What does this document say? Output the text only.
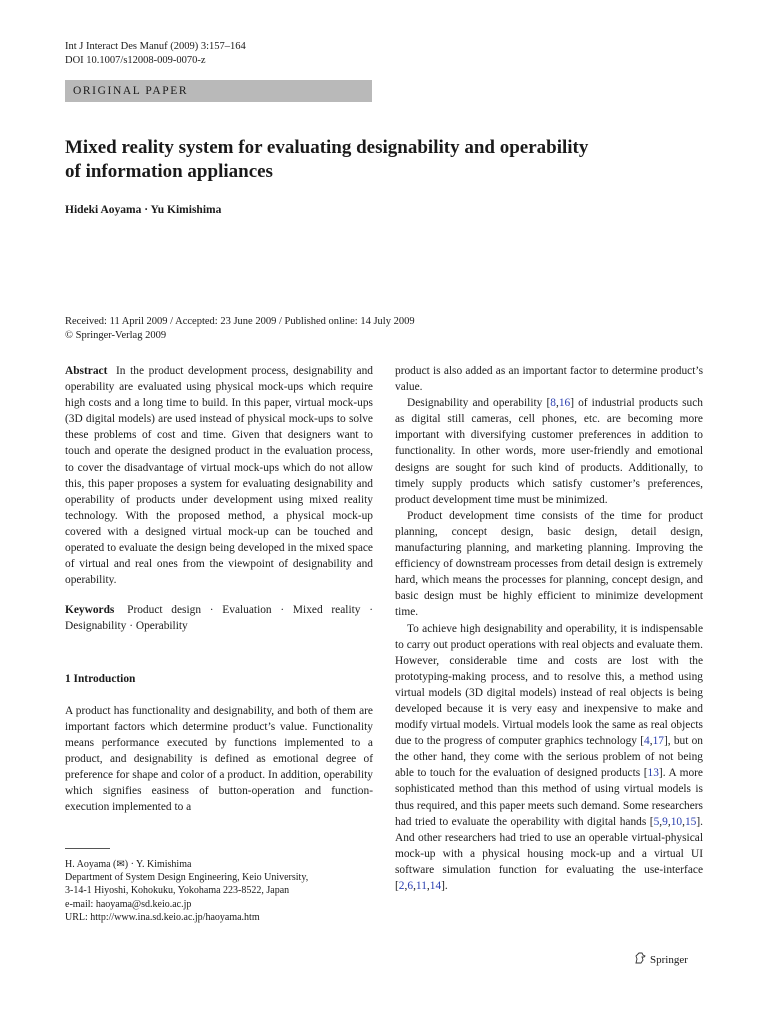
Int J Interact Des Manuf (2009) 3:157–164
DOI 10.1007/s12008-009-0070-z
ORIGINAL PAPER
Mixed reality system for evaluating designability and operability
of information appliances
Hideki Aoyama · Yu Kimishima
Received: 11 April 2009 / Accepted: 23 June 2009 / Published online: 14 July 2009
© Springer-Verlag 2009

Abstract In the product development process, designability and operability are evaluated using physical mock-ups which require high costs and a long time to build. In this paper, virtual mock-ups (3D digital models) are used instead of physical mock-ups to solve these problems of cost and time. Given that designers want to touch and operate the designed product in the evaluation process, to cover the disadvantage of virtual mock-ups which do not allow this, this paper proposes a system for evaluating designability and operability of products under development using mixed reality technology. With the proposed method, a physical mock-up covered with a designed virtual mock-up can be touched and operated to evaluate the design being developed in the mixed space of virtual and real ones from the viewpoint of designability and operability.

Keywords Product design · Evaluation · Mixed reality · Designability · Operability

1 Introduction

A product has functionality and designability, and both of them are important factors which determine product’s value. Functionality means performance executed by functions implemented to a product, and designability is defined as emotional degree of preference for shape and color of a product. In addition, operability which signifies easiness of button-operation and function-execution implemented to a

product is also added as an important factor to determine product’s value.

Designability and operability [8,16] of industrial products such as digital still cameras, cell phones, etc. are becoming more important with diversifying customer preferences in addition to functionality. In other words, more user-friendly and emotional designs are sought for such kind of products. Additionally, to timely supply products which satisfy customer’s preferences, product development time must be minimized.

Product development time consists of the time for product planning, concept design, basic design, detail design, manufacturing planning, and marketing planning. Improving the efficiency of downstream processes from detail design is extremely hard, which means the processes for planning, concept design, and basic design must be highly efficient to minimize development time.

To achieve high designability and operability, it is indispensable to carry out product operations with real objects and evaluate them. However, considerable time and costs are lost with the prototyping-making process, and to resolve this, a method using virtual models (3D digital models) instead of real objects is being developed because it is very easy and inexpensive to make and modify virtual models. Virtual models look the same as real objects due to the progress of computer graphics technology [4,17], but on the other hand, they come with the serious problem of not being able to touch for the evaluation of designed products [13]. A more sophisticated method than this method of using virtual models is thus required, and this paper meets such demand. Some researchers had tried to evaluate the operability with digital hands [5,9,10,15]. And other researchers had tried to use an operable virtual-physical mock-up with a physical housing mock-up and a virtual UI software simulation function for evaluating the use-interface [2,6,11,14].

H. Aoyama (✉) · Y. Kimishima
Department of System Design Engineering, Keio University,
3-14-1 Hiyoshi, Kohokuku, Yokohama 223-8522, Japan
e-mail: haoyama@sd.keio.ac.jp
URL: http://www.ina.sd.keio.ac.jp/haoyama.htm
Springer
